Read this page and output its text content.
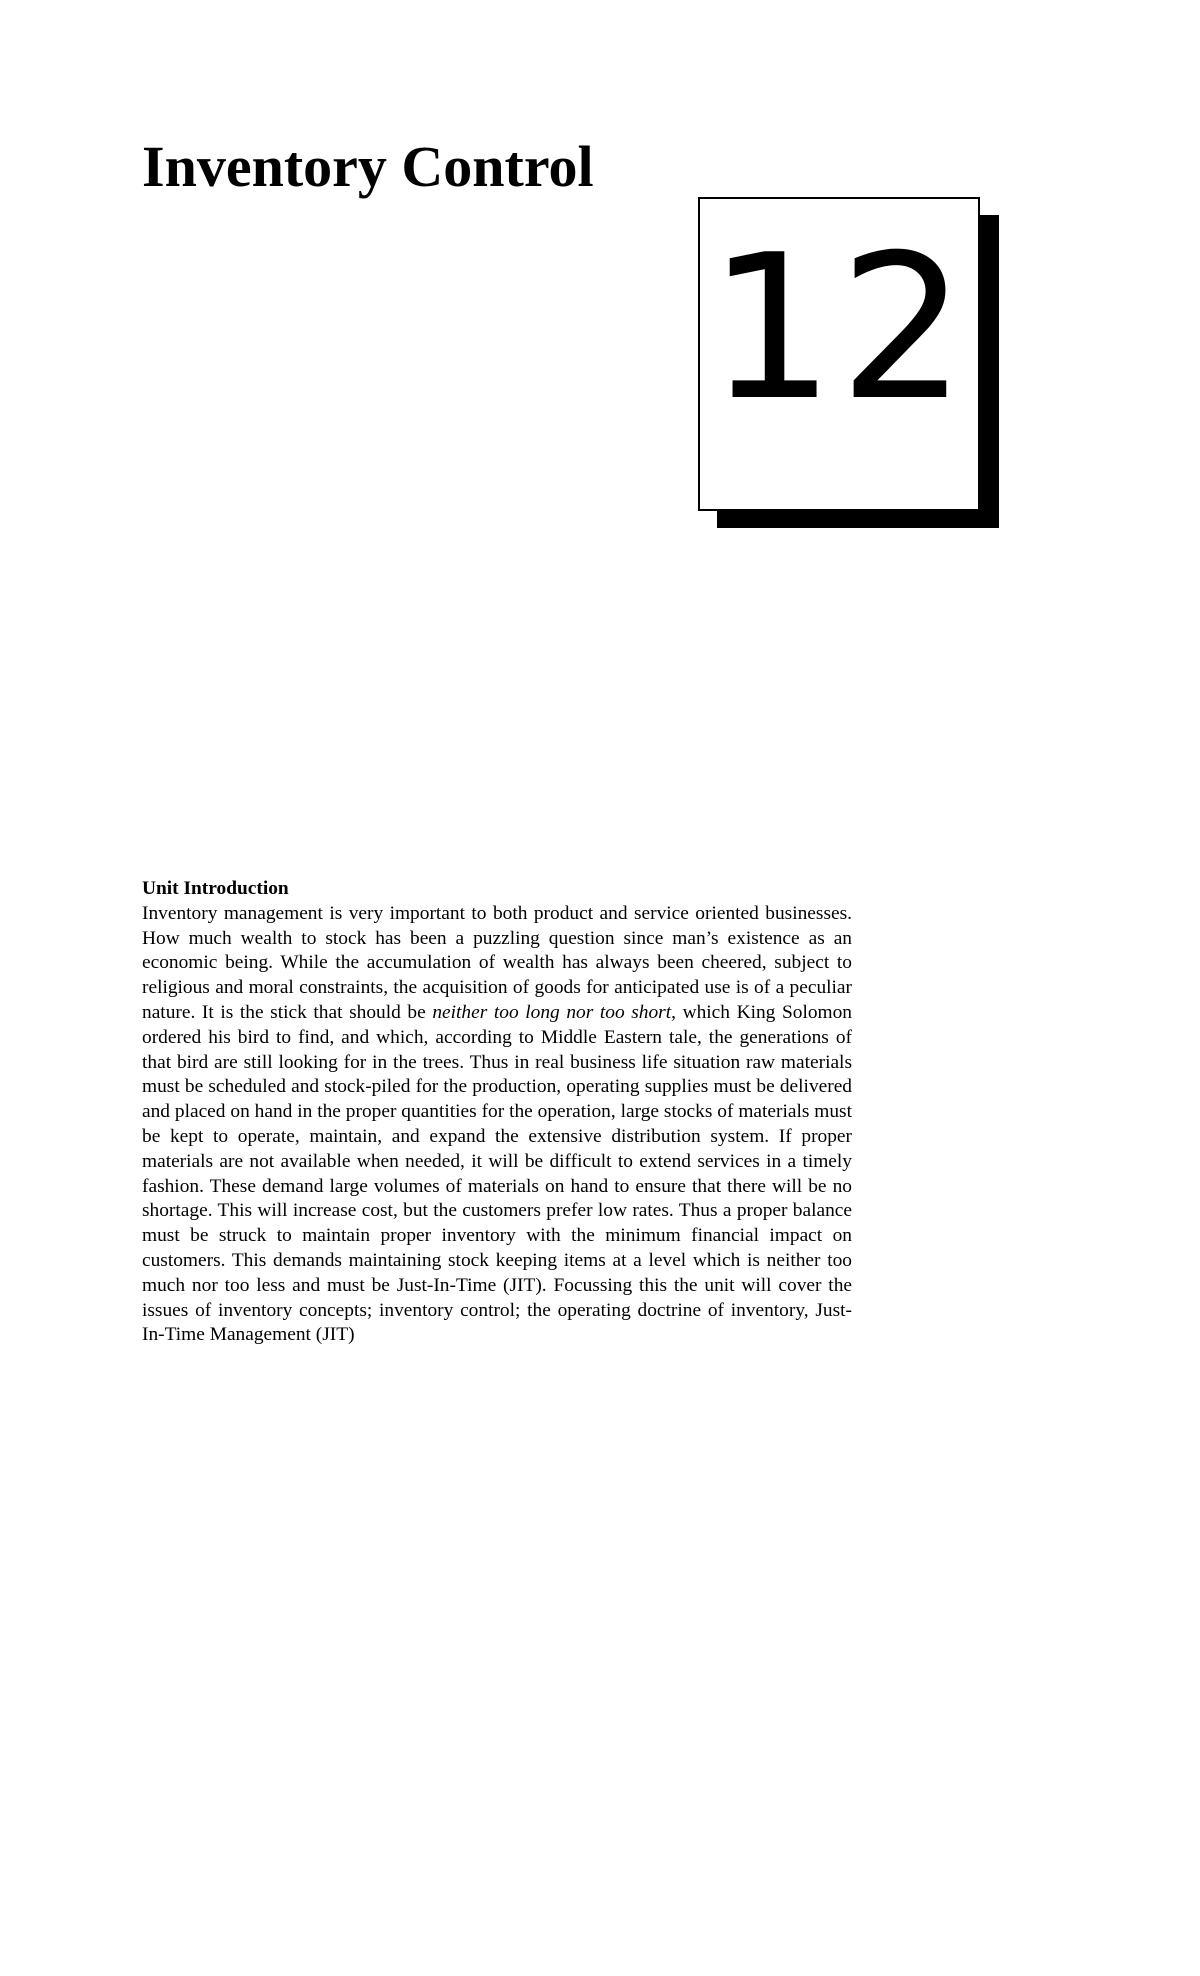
Inventory Control
12
Unit Introduction

Inventory management is very important to both product and service oriented businesses. How much wealth to stock has been a puzzling question since man’s existence as an economic being. While the accumulation of wealth has always been cheered, subject to religious and moral constraints, the acquisition of goods for anticipated use is of a peculiar nature. It is the stick that should be neither too long nor too short, which King Solomon ordered his bird to find, and which, according to Middle Eastern tale, the generations of that bird are still looking for in the trees. Thus in real business life situation raw materials must be scheduled and stock-piled for the production, operating supplies must be delivered and placed on hand in the proper quantities for the operation, large stocks of materials must be kept to operate, maintain, and expand the extensive distribution system. If proper materials are not available when needed, it will be difficult to extend services in a timely fashion. These demand large volumes of materials on hand to ensure that there will be no shortage. This will increase cost, but the customers prefer low rates. Thus a proper balance must be struck to maintain proper inventory with the minimum financial impact on customers. This demands maintaining stock keeping items at a level which is neither too much nor too less and must be Just-In-Time (JIT). Focussing this the unit will cover the issues of inventory concepts; inventory control; the operating doctrine of inventory, Just-In-Time Management (JIT)
